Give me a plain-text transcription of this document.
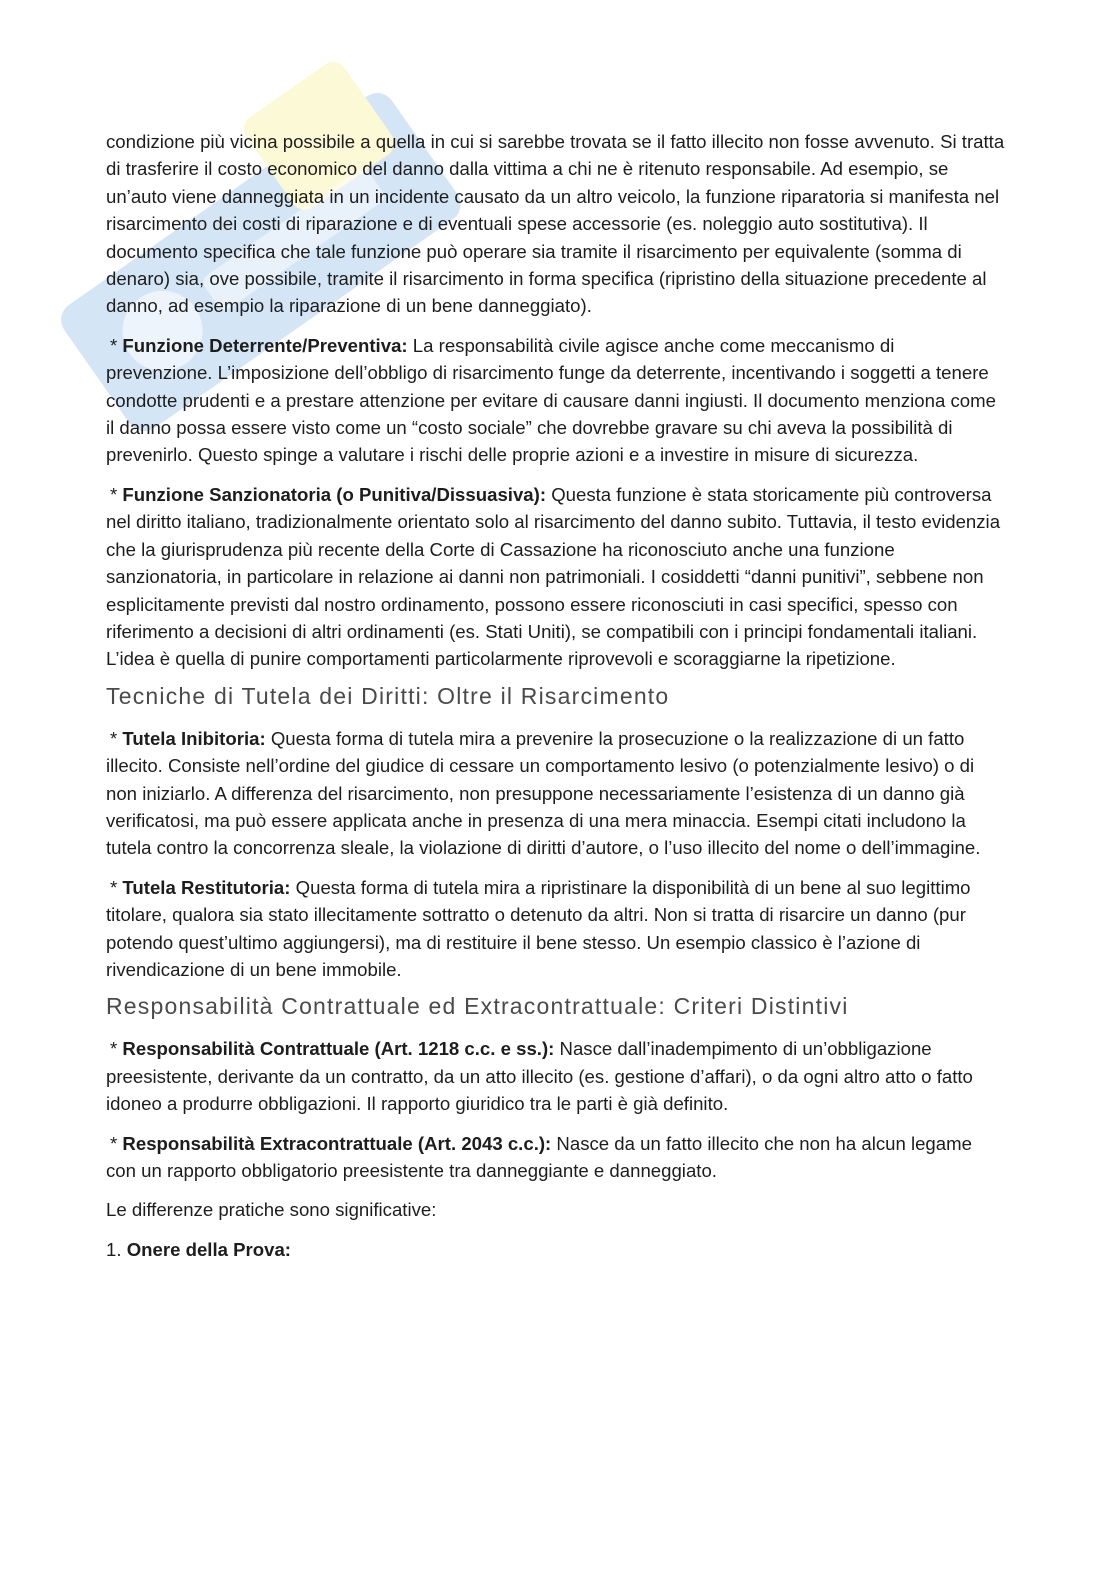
condizione più vicina possibile a quella in cui si sarebbe trovata se il fatto illecito non fosse avvenuto. Si tratta di trasferire il costo economico del danno dalla vittima a chi ne è ritenuto responsabile. Ad esempio, se un’auto viene danneggiata in un incidente causato da un altro veicolo, la funzione riparatoria si manifesta nel risarcimento dei costi di riparazione e di eventuali spese accessorie (es. noleggio auto sostitutiva). Il documento specifica che tale funzione può operare sia tramite il risarcimento per equivalente (somma di denaro) sia, ove possibile, tramite il risarcimento in forma specifica (ripristino della situazione precedente al danno, ad esempio la riparazione di un bene danneggiato).

* Funzione Deterrente/Preventiva: La responsabilità civile agisce anche come meccanismo di prevenzione. L’imposizione dell’obbligo di risarcimento funge da deterrente, incentivando i soggetti a tenere condotte prudenti e a prestare attenzione per evitare di causare danni ingiusti. Il documento menziona come il danno possa essere visto come un “costo sociale” che dovrebbe gravare su chi aveva la possibilità di prevenirlo. Questo spinge a valutare i rischi delle proprie azioni e a investire in misure di sicurezza.

* Funzione Sanzionatoria (o Punitiva/Dissuasiva): Questa funzione è stata storicamente più controversa nel diritto italiano, tradizionalmente orientato solo al risarcimento del danno subito. Tuttavia, il testo evidenzia che la giurisprudenza più recente della Corte di Cassazione ha riconosciuto anche una funzione sanzionatoria, in particolare in relazione ai danni non patrimoniali. I cosiddetti “danni punitivi”, sebbene non esplicitamente previsti dal nostro ordinamento, possono essere riconosciuti in casi specifici, spesso con riferimento a decisioni di altri ordinamenti (es. Stati Uniti), se compatibili con i principi fondamentali italiani. L’idea è quella di punire comportamenti particolarmente riprovevoli e scoraggiarne la ripetizione.

Tecniche di Tutela dei Diritti: Oltre il Risarcimento

* Tutela Inibitoria: Questa forma di tutela mira a prevenire la prosecuzione o la realizzazione di un fatto illecito. Consiste nell’ordine del giudice di cessare un comportamento lesivo (o potenzialmente lesivo) o di non iniziarlo. A differenza del risarcimento, non presuppone necessariamente l’esistenza di un danno già verificatosi, ma può essere applicata anche in presenza di una mera minaccia. Esempi citati includono la tutela contro la concorrenza sleale, la violazione di diritti d’autore, o l’uso illecito del nome o dell’immagine.

* Tutela Restitutoria: Questa forma di tutela mira a ripristinare la disponibilità di un bene al suo legittimo titolare, qualora sia stato illecitamente sottratto o detenuto da altri. Non si tratta di risarcire un danno (pur potendo quest’ultimo aggiungersi), ma di restituire il bene stesso. Un esempio classico è l’azione di rivendicazione di un bene immobile.

Responsabilità Contrattuale ed Extracontrattuale: Criteri Distintivi

* Responsabilità Contrattuale (Art. 1218 c.c. e ss.): Nasce dall’inadempimento di un’obbligazione preesistente, derivante da un contratto, da un atto illecito (es. gestione d’affari), o da ogni altro atto o fatto idoneo a produrre obbligazioni. Il rapporto giuridico tra le parti è già definito.

* Responsabilità Extracontrattuale (Art. 2043 c.c.): Nasce da un fatto illecito che non ha alcun legame con un rapporto obbligatorio preesistente tra danneggiante e danneggiato.

Le differenze pratiche sono significative:

1. Onere della Prova:
